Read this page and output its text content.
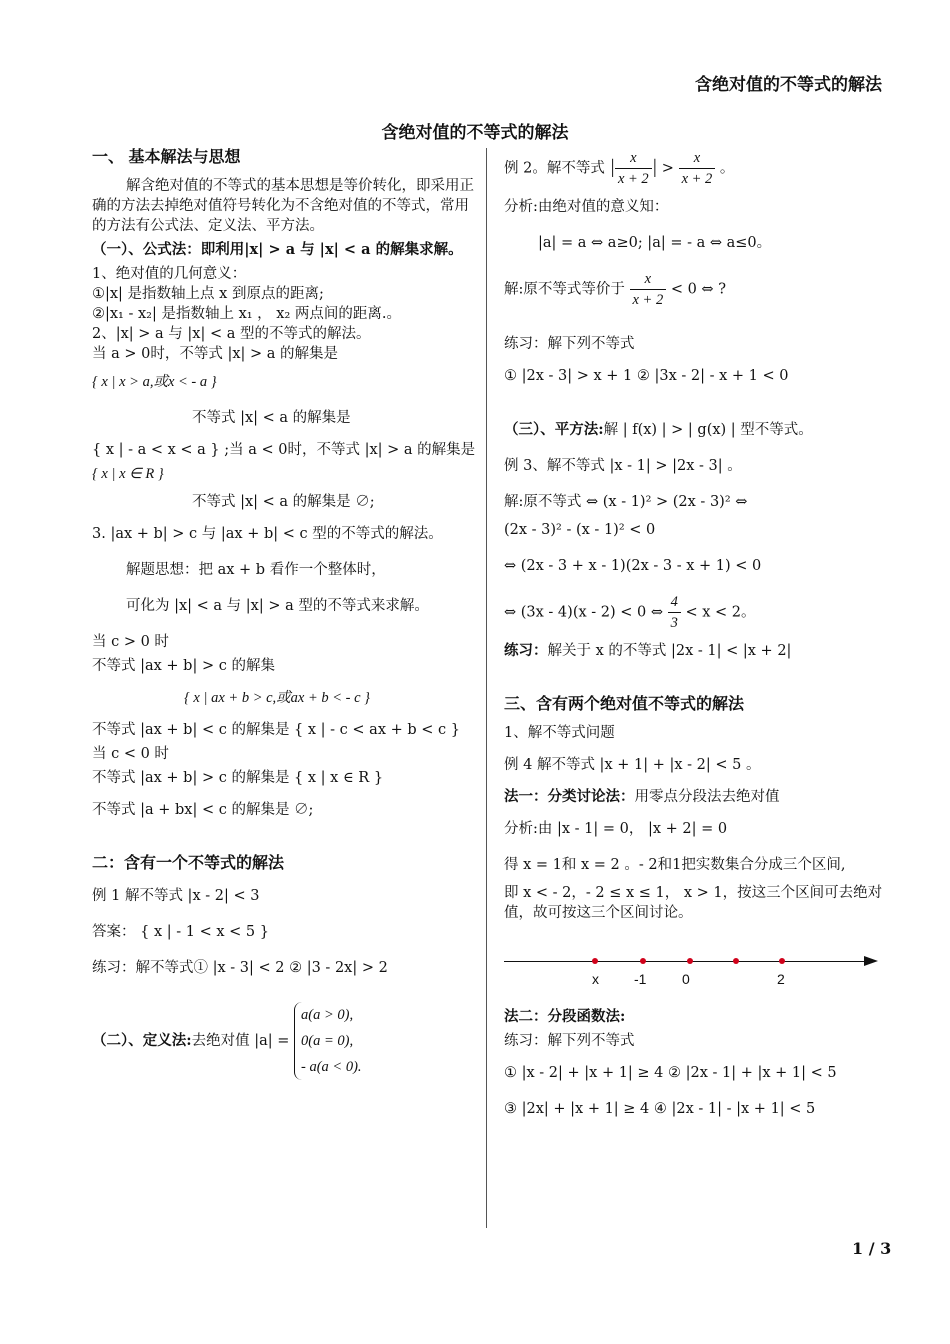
含绝对值的不等式的解法
含绝对值的不等式的解法

一、 基本解法与思想

解含绝对值的不等式的基本思想是等价转化，即采用正确的方法去掉绝对值符号转化为不含绝对值的不等式，常用的方法有公式法、定义法、平方法。

（一）、公式法：即利用|x| > a 与 |x| < a 的解集求解。

1、绝对值的几何意义：

①|x| 是指数轴上点 x 到原点的距离;

②|x₁ - x₂| 是指数轴上 x₁ ， x₂ 两点间的距离.。

2、|x| > a 与 |x| < a 型的不等式的解法。

当 a > 0时，不等式 |x| > a 的解集是

{ x | x > a,或x < - a }

不等式 |x| < a 的解集是

{ x | - a < x < a } ;当 a < 0时，不等式 |x| > a 的解集是

{ x | x ∈ R }

不等式 |x| < a 的解集是 ∅;

3. |ax + b| > c 与 |ax + b| < c 型的不等式的解法。

解题思想：把 ax + b 看作一个整体时，

可化为 |x| < a 与 |x| > a 型的不等式来求解。

当 c > 0 时

不等式 |ax + b| > c 的解集

{ x | ax + b > c,或ax + b < - c }

不等式 |ax + b| < c 的解集是 { x | - c < ax + b < c }

当 c < 0 时

不等式 |ax + b| > c 的解集是 { x | x ∈ R }

不等式 |a + bx| < c 的解集是 ∅;

二：含有一个不等式的解法

例 1 解不等式 |x - 2| < 3

答案： { x | - 1 < x < 5 }

练习：解不等式① |x - 3| < 2 ② |3 - 2x| > 2

（二）、定义法:去绝对值 |a| =
a(a > 0),
0(a = 0),
- a(a < 0).

例 2。解不等式 | $\frac{x}{x + 2}$ | > $\frac{x}{x + 2}$ 。

分析:由绝对值的意义知：

|a| = a ⇔ a≥0; |a| = - a ⇔ a≤0。

解:原不等式等价于 $\frac{x}{x + 2} < 0$ ⇔ ?

练习：解下列不等式

① |2x - 3| > x + 1 ② |3x - 2| - x + 1 < 0

（三）、平方法:解 | f(x) | > | g(x) | 型不等式。

例 3、解不等式 |x - 1| > |2x - 3| 。

解:原不等式 ⇔ (x - 1)² > (2x - 3)² ⇔

(2x - 3)² - (x - 1)² < 0

⇔ (2x - 3 + x - 1)(2x - 3 - x + 1) < 0

⇔ (3x - 4)(x - 2) < 0 ⇔ $\frac{4}{3} < x < 2$。

练习：解关于 x 的不等式 |2x - 1| < |x + 2|

三、含有两个绝对值不等式的解法

1、解不等式问题

例 4 解不等式 |x + 1| + |x - 2| < 5 。

法一：分类讨论法：用零点分段法去绝对值

分析:由 |x - 1| = 0， |x + 2| = 0

得 x = 1和 x = 2 。- 2和1把实数集合分成三个区间,

即 x < - 2，- 2 ≤ x ≤ 1， x > 1，按这三个区间可去绝对值，故可按这三个区间讨论。

x	-1	0	2

法二：分段函数法:

练习：解下列不等式

① |x - 2| + |x + 1| ≥ 4 ② |2x - 1| + |x + 1| < 5

③ |2x| + |x + 1| ≥ 4 ④ |2x - 1| - |x + 1| < 5

1 / 3
